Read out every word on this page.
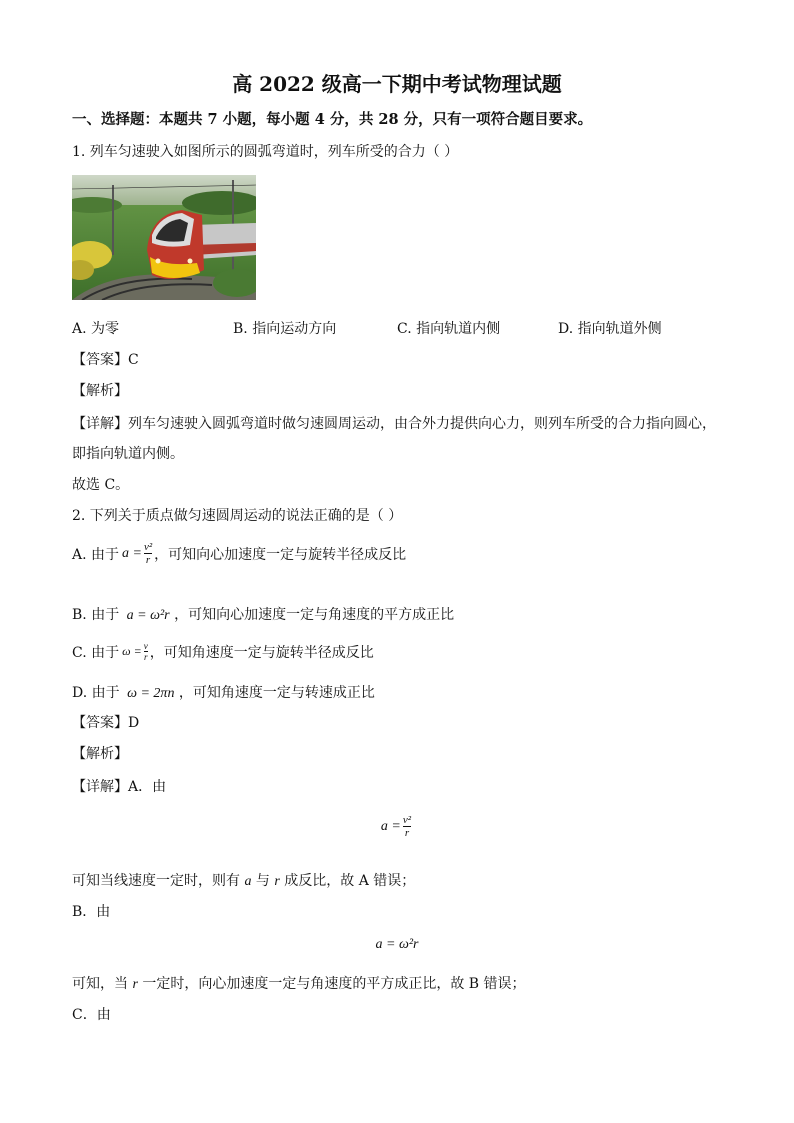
高 2022 级高一下期中考试物理试题
一、选择题：本题共 7 小题，每小题 4 分，共 28 分，只有一项符合题目要求。
1. 列车匀速驶入如图所示的圆弧弯道时，列车所受的合力（ ）
A. 为零	B. 指向运动方向	C. 指向轨道内侧	D. 指向轨道外侧
【答案】C
【解析】
【详解】列车匀速驶入圆弧弯道时做匀速圆周运动，由合外力提供向心力，则列车所受的合力指向圆心，
即指向轨道内侧。
故选 C。
2. 下列关于质点做匀速圆周运动的说法正确的是（ ）
A. 由于 $a = \frac{\text{v²}}{r}$ ，可知向心加速度一定与旋转半径成反比
B. 由于 a = ω²r ，可知向心加速度一定与角速度的平方成正比
C. 由于 $\omega = \frac{v}{r}$ ，可知角速度一定与旋转半径成反比
D. 由于 ω = 2πn ，可知角速度一定与转速成正比
【答案】D
【解析】
【详解】A．由
$a = \frac{\text{v²}}{r}$
可知当线速度一定时，则有 a 与 r 成反比，故 A 错误；
B．由
a = ω²r
可知，当 r 一定时，向心加速度一定与角速度的平方成正比，故 B 错误；
C．由
